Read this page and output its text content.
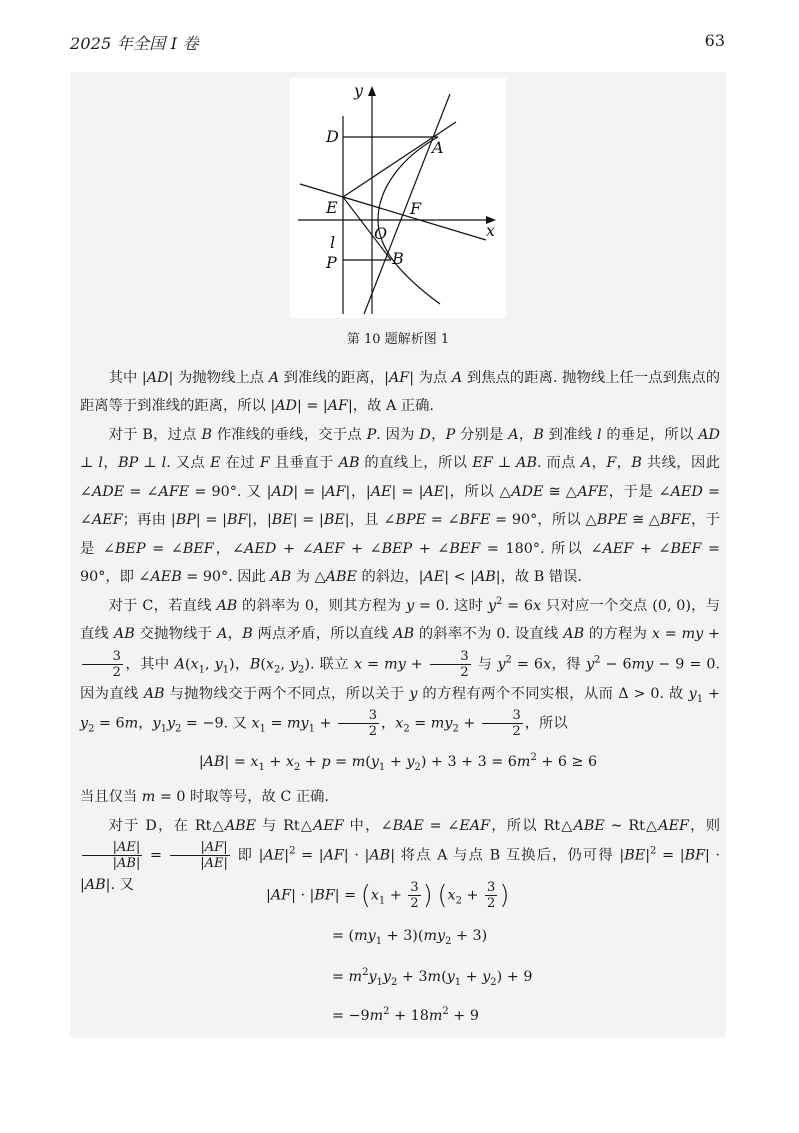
2025 年全国 I 卷	63
y
x
D
A
E	F
l O
P	B
第 10 题解析图 1
其中 |AD| 为抛物线上点 A 到准线的距离，|AF| 为点 A 到焦点的距离. 抛物线上任一点到焦点的距离等于到准线的距离，所以 |AD| = |AF|，故 A 正确.
对于 B，过点 B 作准线的垂线，交于点 P. 因为 D，P 分别是 A，B 到准线 l 的垂足，所以 AD ⊥ l，BP ⊥ l. 又点 E 在过 F 且垂直于 AB 的直线上，所以 EF ⊥ AB. 而点 A，F，B 共线，因此 ∠ADE = ∠AFE = 90°. 又 |AD| = |AF|，|AE| = |AE|，所以 △ADE ≅ △AFE，于是 ∠AED = ∠AEF；再由 |BP| = |BF|，|BE| = |BE|，且 ∠BPE = ∠BFE = 90°，所以 △BPE ≅ △BFE，于是 ∠BEP = ∠BEF，∠AED + ∠AEF + ∠BEP + ∠BEF = 180°. 所以 ∠AEF + ∠BEF = 90°，即 ∠AEB = 90°. 因此 AB 为 △ABE 的斜边，|AE| < |AB|，故 B 错误.
对于 C，若直线 AB 的斜率为 0，则其方程为 y = 0. 这时 $y^2 = 6x$ 只对应一个交点 (0, 0)，与直线 AB 交抛物线于 A，B 两点矛盾，所以直线 AB 的斜率不为 0. 设直线 AB 的方程为 x = my +
$\frac{3}{2}$ ，其中 $A(x_1$, $y_1$)，$B(x_2$, $y_2$). 联立 x = my + $\frac{3}{2}$ 与 $y^2 = 6x$，得 $y^2 - 6my - 9 = 0$. 因为直线 AB 与抛物线交于两个不同点，所以关于 y 的方程有两个不同实根，从而 Δ > 0. 故 $y_1 + y_2 = 6m$，$y_1y_2 = -9$. 又 $x_1 = my_1 + \frac{3}{2}$ ，$x_2 = my_2 + \frac{3}{2}$ ，所以
$|AB| = x_1 + x_2 + p = m(y_1 + y_2) + 3 + 3 = 6m^2 + 6 \ge 6$
当且仅当 m = 0 时取等号，故 C 正确.
对于 D，在 Rt△ABE 与 Rt△AEF 中，∠BAE = ∠EAF，所以 Rt△ABE ∼ Rt△AEF，则
$\frac{|AE|}{|AB|} = \frac{|AF|}{|AE|}$ 即 $|AE|^2 = |AF| \cdot |AB|$ 将点 A 与点 B 互换后，仍可得 $|BE|^2 = |BF| \cdot |AB|$. 又
$|AF| \cdot |BF| = (x_1 + \frac{3}{2}$ ) ($x_2 + \frac{3}{2}$ )
= $(my_1 + 3)(my_2 + 3)$
= $m^2y_1y_2 + 3m(y_1 + y_2) + 9$
= $-9m^2 + 18m^2 + 9$
